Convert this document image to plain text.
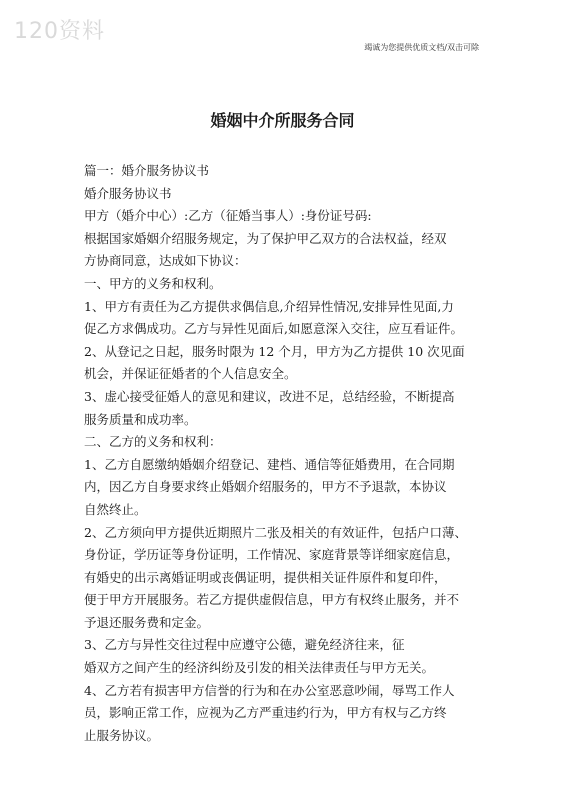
120资料
竭诚为您提供优质文档/双击可除
婚姻中介所服务合同

篇一：婚介服务协议书

婚介服务协议书

甲方（婚介中心）:乙方（征婚当事人）:身份证号码:

根据国家婚姻介绍服务规定，为了保护甲乙双方的合法权益，经双

方协商同意，达成如下协议：

一、甲方的义务和权利。

1、甲方有责任为乙方提供求偶信息,介绍异性情况,安排异性见面,力

促乙方求偶成功。乙方与异性见面后,如愿意深入交往，应互看证件。

2、从登记之日起，服务时限为 12 个月，甲方为乙方提供 10 次见面

机会，并保证征婚者的个人信息安全。

3、虚心接受征婚人的意见和建议，改进不足，总结经验，不断提高

服务质量和成功率。

二、乙方的义务和权利：

1、乙方自愿缴纳婚姻介绍登记、建档、通信等征婚费用，在合同期

内，因乙方自身要求终止婚姻介绍服务的，甲方不予退款，本协议

自然终止。

2、乙方须向甲方提供近期照片二张及相关的有效证件，包括户口薄、

身份证，学历证等身份证明，工作情况、家庭背景等详细家庭信息，

有婚史的出示离婚证明或丧偶证明，提供相关证件原件和复印件，

便于甲方开展服务。若乙方提供虚假信息，甲方有权终止服务，并不

予退还服务费和定金。

3、乙方与异性交往过程中应遵守公德，避免经济往来，征

婚双方之间产生的经济纠纷及引发的相关法律责任与甲方无关。

4、乙方若有损害甲方信誉的行为和在办公室恶意吵闹，辱骂工作人

员，影响正常工作，应视为乙方严重违约行为，甲方有权与乙方终

止服务协议。
